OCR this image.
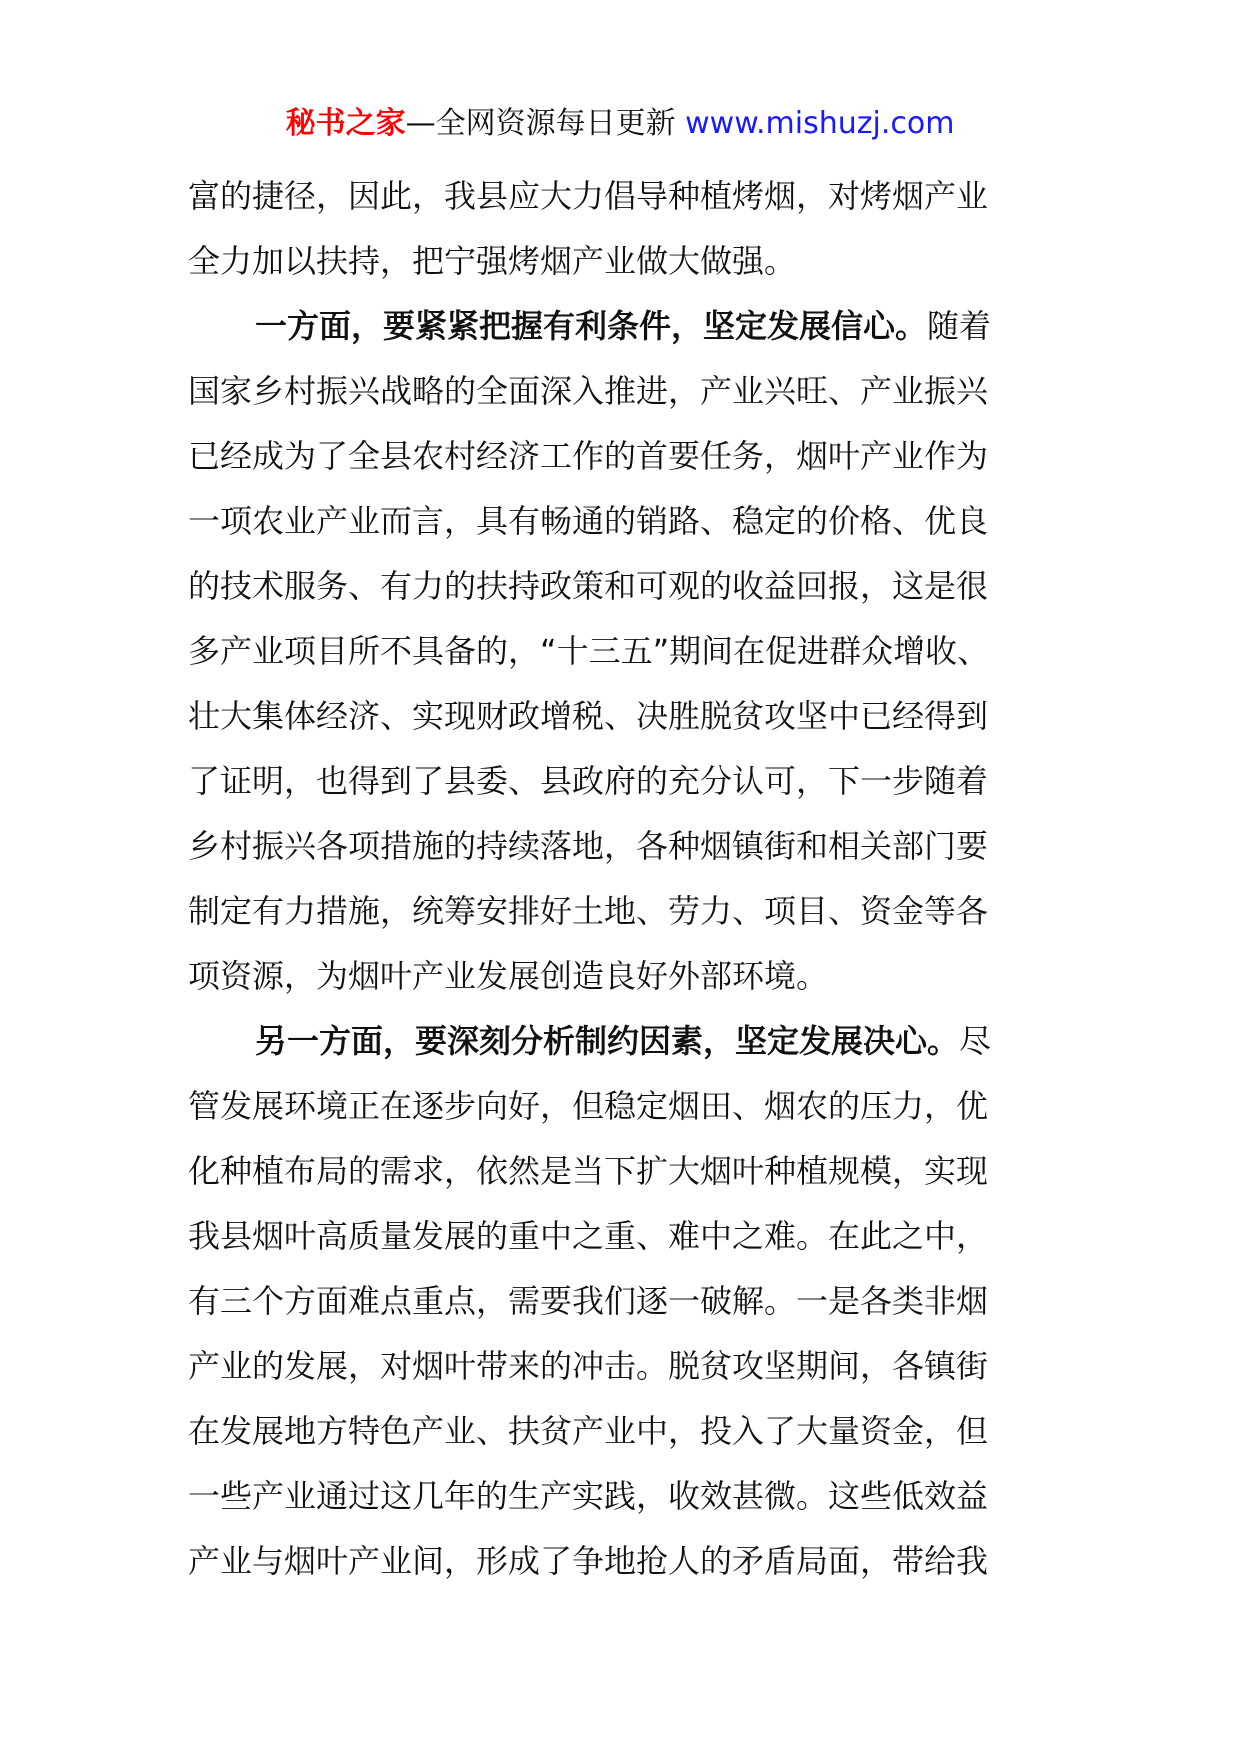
秘书之家—全网资源每日更新 www.mishuzj.com
富的捷径，因此，我县应大力倡导种植烤烟，对烤烟产业
全力加以扶持，把宁强烤烟产业做大做强。
一方面，要紧紧把握有利条件，坚定发展信心。随着
国家乡村振兴战略的全面深入推进，产业兴旺、产业振兴
已经成为了全县农村经济工作的首要任务，烟叶产业作为
一项农业产业而言，具有畅通的销路、稳定的价格、优良
的技术服务、有力的扶持政策和可观的收益回报，这是很
多产业项目所不具备的，“十三五”期间在促进群众增收、
壮大集体经济、实现财政增税、决胜脱贫攻坚中已经得到
了证明，也得到了县委、县政府的充分认可，下一步随着
乡村振兴各项措施的持续落地，各种烟镇街和相关部门要
制定有力措施，统筹安排好土地、劳力、项目、资金等各
项资源，为烟叶产业发展创造良好外部环境。
另一方面，要深刻分析制约因素，坚定发展决心。尽
管发展环境正在逐步向好，但稳定烟田、烟农的压力，优
化种植布局的需求，依然是当下扩大烟叶种植规模，实现
我县烟叶高质量发展的重中之重、难中之难。在此之中，
有三个方面难点重点，需要我们逐一破解。一是各类非烟
产业的发展，对烟叶带来的冲击。脱贫攻坚期间，各镇街
在发展地方特色产业、扶贫产业中，投入了大量资金，但
一些产业通过这几年的生产实践，收效甚微。这些低效益
产业与烟叶产业间，形成了争地抢人的矛盾局面，带给我
